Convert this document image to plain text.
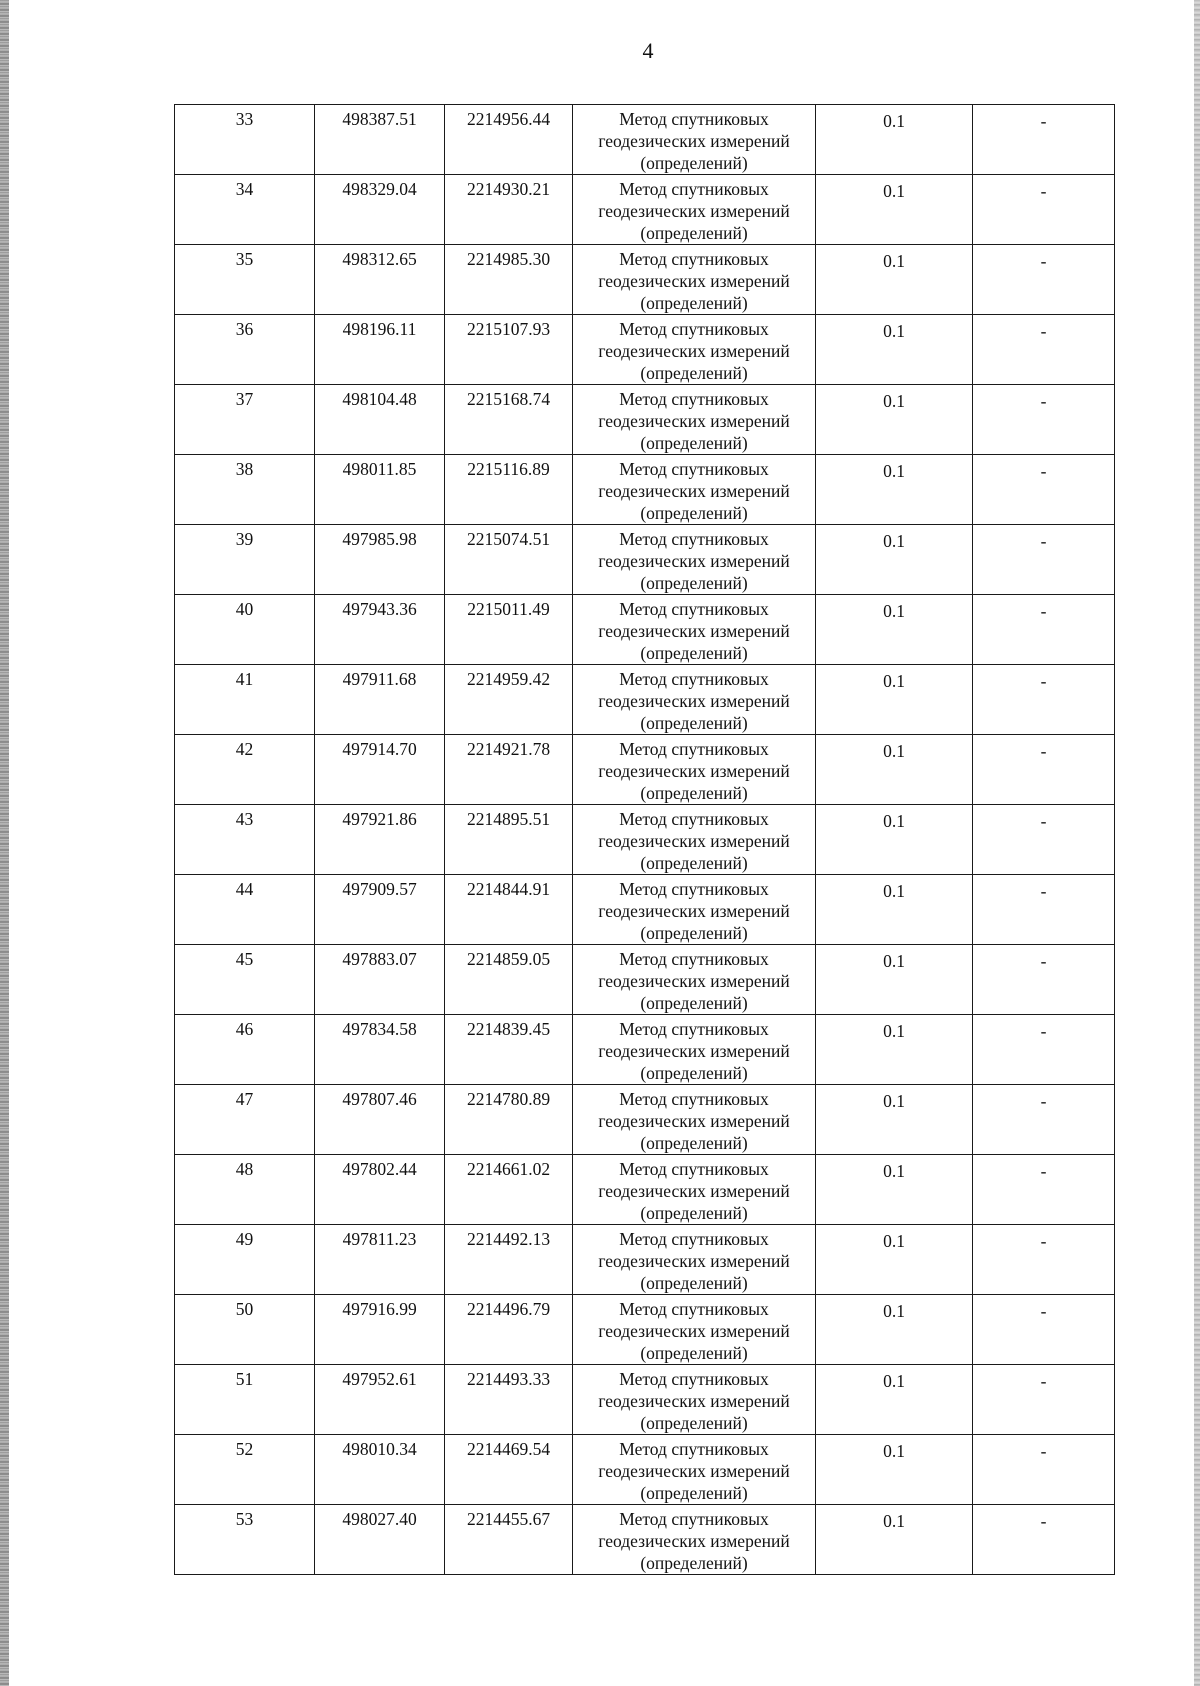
4
33	498387.51	2214956.44	Метод спутниковых
геодезических измерений
(определений)	0.1	-
34	498329.04	2214930.21	Метод спутниковых
геодезических измерений
(определений)	0.1	-
35	498312.65	2214985.30	Метод спутниковых
геодезических измерений
(определений)	0.1	-
36	498196.11	2215107.93	Метод спутниковых
геодезических измерений
(определений)	0.1	-
37	498104.48	2215168.74	Метод спутниковых
геодезических измерений
(определений)	0.1	-
38	498011.85	2215116.89	Метод спутниковых
геодезических измерений
(определений)	0.1	-
39	497985.98	2215074.51	Метод спутниковых
геодезических измерений
(определений)	0.1	-
40	497943.36	2215011.49	Метод спутниковых
геодезических измерений
(определений)	0.1	-
41	497911.68	2214959.42	Метод спутниковых
геодезических измерений
(определений)	0.1	-
42	497914.70	2214921.78	Метод спутниковых
геодезических измерений
(определений)	0.1	-
43	497921.86	2214895.51	Метод спутниковых
геодезических измерений
(определений)	0.1	-
44	497909.57	2214844.91	Метод спутниковых
геодезических измерений
(определений)	0.1	-
45	497883.07	2214859.05	Метод спутниковых
геодезических измерений
(определений)	0.1	-
46	497834.58	2214839.45	Метод спутниковых
геодезических измерений
(определений)	0.1	-
47	497807.46	2214780.89	Метод спутниковых
геодезических измерений
(определений)	0.1	-
48	497802.44	2214661.02	Метод спутниковых
геодезических измерений
(определений)	0.1	-
49	497811.23	2214492.13	Метод спутниковых
геодезических измерений
(определений)	0.1	-
50	497916.99	2214496.79	Метод спутниковых
геодезических измерений
(определений)	0.1	-
51	497952.61	2214493.33	Метод спутниковых
геодезических измерений
(определений)	0.1	-
52	498010.34	2214469.54	Метод спутниковых
геодезических измерений
(определений)	0.1	-
53	498027.40	2214455.67	Метод спутниковых
геодезических измерений
(определений)	0.1	-
